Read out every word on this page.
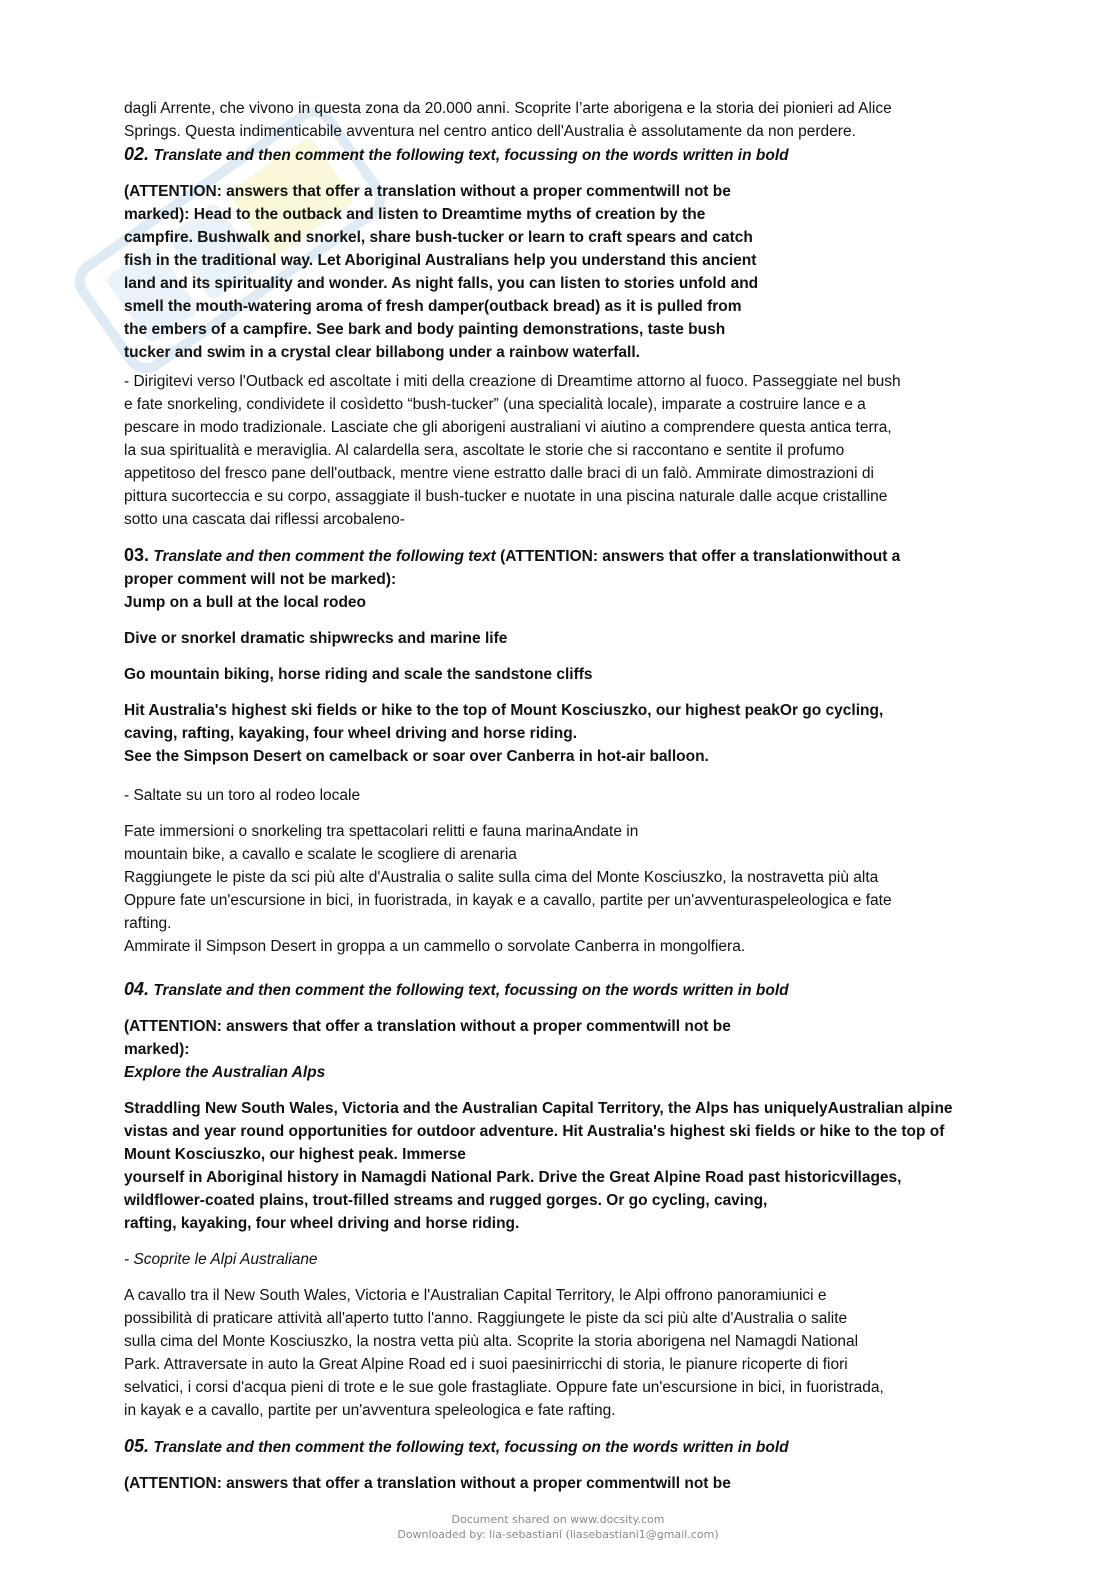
dagli Arrente, che vivono in questa zona da 20.000 anni. Scoprite l’arte aborigena e la storia dei pionieri ad Alice
Springs. Questa indimenticabile avventura nel centro antico dell'Australia è assolutamente da non perdere.

02. Translate and then comment the following text, focussing on the words written in bold

(ATTENTION: answers that offer a translation without a proper commentwill not be
marked): Head to the outback and listen to Dreamtime myths of creation by the
campfire. Bushwalk and snorkel, share bush-tucker or learn to craft spears and catch
fish in the traditional way. Let Aboriginal Australians help you understand this ancient
land and its spirituality and wonder. As night falls, you can listen to stories unfold and
smell the mouth-watering aroma of fresh damper(outback bread) as it is pulled from
the embers of a campfire. See bark and body painting demonstrations, taste bush
tucker and swim in a crystal clear billabong under a rainbow waterfall.

- Dirigitevi verso l'Outback ed ascoltate i miti della creazione di Dreamtime attorno al fuoco. Passeggiate nel bush
e fate snorkeling, condividete il cosìdetto “bush-tucker” (una specialità locale), imparate a costruire lance e a
pescare in modo tradizionale. Lasciate che gli aborigeni australiani vi aiutino a comprendere questa antica terra,
la sua spiritualità e meraviglia. Al calardella sera, ascoltate le storie che si raccontano e sentite il profumo
appetitoso del fresco pane dell'outback, mentre viene estratto dalle braci di un falò. Ammirate dimostrazioni di
pittura sucorteccia e su corpo, assaggiate il bush-tucker e nuotate in una piscina naturale dalle acque cristalline
sotto una cascata dai riflessi arcobaleno-

03. Translate and then comment the following text (ATTENTION: answers that offer a translationwithout a

proper comment will not be marked):
Jump on a bull at the local rodeo

Dive or snorkel dramatic shipwrecks and marine life

Go mountain biking, horse riding and scale the sandstone cliffs

Hit Australia's highest ski fields or hike to the top of Mount Kosciuszko, our highest peakOr go cycling,
caving, rafting, kayaking, four wheel driving and horse riding.
See the Simpson Desert on camelback or soar over Canberra in hot-air balloon.

- Saltate su un toro al rodeo locale

Fate immersioni o snorkeling tra spettacolari relitti e fauna marinaAndate in
mountain bike, a cavallo e scalate le scogliere di arenaria
Raggiungete le piste da sci più alte d'Australia o salite sulla cima del Monte Kosciuszko, la nostravetta più alta
Oppure fate un'escursione in bici, in fuoristrada, in kayak e a cavallo, partite per un'avventuraspeleologica e fate
rafting.
Ammirate il Simpson Desert in groppa a un cammello o sorvolate Canberra in mongolfiera.

04. Translate and then comment the following text, focussing on the words written in bold

(ATTENTION: answers that offer a translation without a proper commentwill not be
marked):
Explore the Australian Alps

Straddling New South Wales, Victoria and the Australian Capital Territory, the Alps has uniquelyAustralian alpine
vistas and year round opportunities for outdoor adventure. Hit Australia's highest ski fields or hike to the top of
Mount Kosciuszko, our highest peak. Immerse
yourself in Aboriginal history in Namagdi National Park. Drive the Great Alpine Road past historicvillages,
wildflower-coated plains, trout-filled streams and rugged gorges. Or go cycling, caving,
rafting, kayaking, four wheel driving and horse riding.

- Scoprite le Alpi Australiane

A cavallo tra il New South Wales, Victoria e l'Australian Capital Territory, le Alpi offrono panoramiunici e
possibilità di praticare attività all'aperto tutto l'anno. Raggiungete le piste da sci più alte d'Australia o salite
sulla cima del Monte Kosciuszko, la nostra vetta più alta. Scoprite la storia aborigena nel Namagdi National
Park. Attraversate in auto la Great Alpine Road ed i suoi paesinirricchi di storia, le pianure ricoperte di fiori
selvatici, i corsi d'acqua pieni di trote e le sue gole frastagliate. Oppure fate un'escursione in bici, in fuoristrada,
in kayak e a cavallo, partite per un'avventura speleologica e fate rafting.

05. Translate and then comment the following text, focussing on the words written in bold

(ATTENTION: answers that offer a translation without a proper commentwill not be

Document shared on www.docsity.com
Downloaded by: lia-sebastiani (liasebastiani1@gmail.com)
